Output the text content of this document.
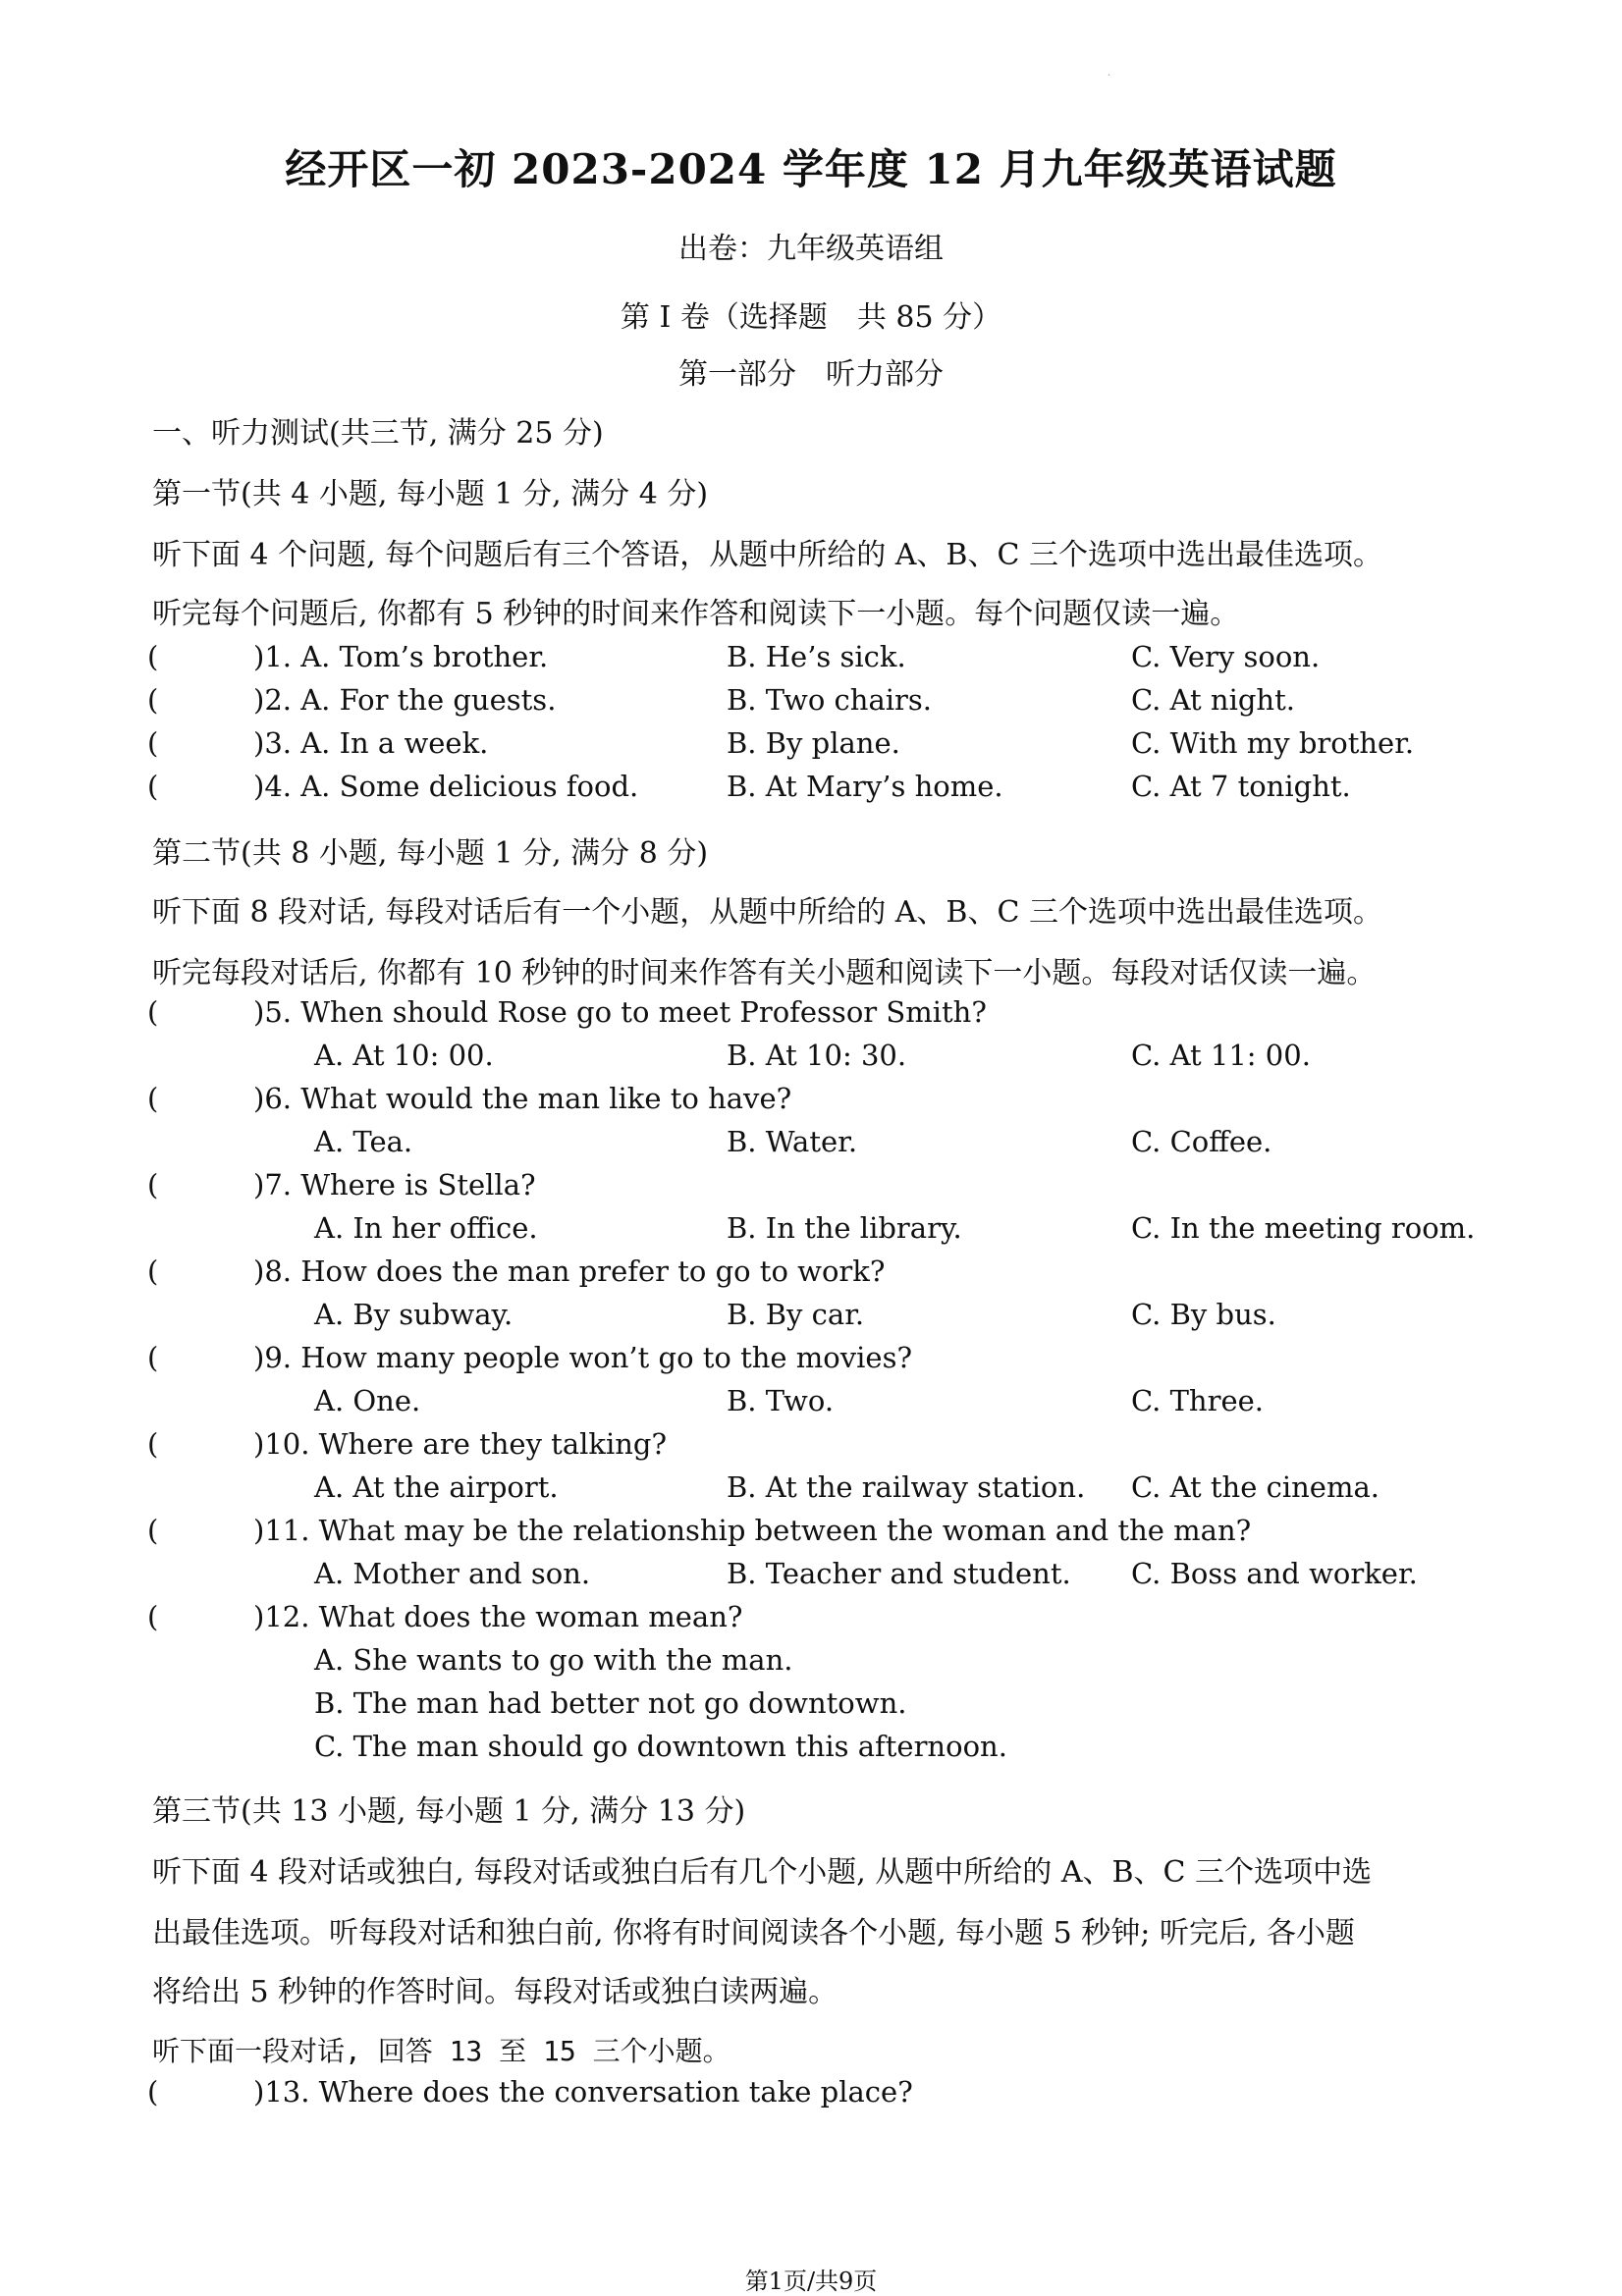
·
经开区一初 2023-2024 学年度 12 月九年级英语试题
出卷：九年级英语组
第 I 卷（选择题　共 85 分）
第一部分　听力部分
一、听力测试(共三节, 满分 25 分)
第一节(共 4 小题, 每小题 1 分, 满分 4 分)
听下面 4 个问题, 每个问题后有三个答语，从题中所给的 A、B、C 三个选项中选出最佳选项。
听完每个问题后, 你都有 5 秒钟的时间来作答和阅读下一小题。每个问题仅读一遍。
(	)1. A. Tom’s brother.	B. He’s sick.	C. Very soon.
(	)2. A. For the guests.	B. Two chairs.	C. At night.
(	)3. A. In a week.	B. By plane.	C. With my brother.
(	)4. A. Some delicious food.	B. At Mary’s home.	C. At 7 tonight.
第二节(共 8 小题, 每小题 1 分, 满分 8 分)
听下面 8 段对话, 每段对话后有一个小题，从题中所给的 A、B、C 三个选项中选出最佳选项。
听完每段对话后, 你都有 10 秒钟的时间来作答有关小题和阅读下一小题。每段对话仅读一遍。
(	)5. When should Rose go to meet Professor Smith?
A. At 10: 00.	B. At 10: 30.	C. At 11: 00.
(	)6. What would the man like to have?
A. Tea.	B. Water.	C. Coffee.
(	)7. Where is Stella?
A. In her office.	B. In the library.	C. In the meeting room.
(	)8. How does the man prefer to go to work?
A. By subway.	B. By car.	C. By bus.
(	)9. How many people won’t go to the movies?
A. One.	B. Two.	C. Three.
(	)10. Where are they talking?
A. At the airport.	B. At the railway station. C. At the cinema.
(	)11. What may be the relationship between the woman and the man?
A. Mother and son.	B. Teacher and student. C. Boss and worker.
(	)12. What does the woman mean?
A. She wants to go with the man.
B. The man had better not go downtown.
C. The man should go downtown this afternoon.
第三节(共 13 小题, 每小题 1 分, 满分 13 分)
听下面 4 段对话或独白, 每段对话或独白后有几个小题, 从题中所给的 A、B、C 三个选项中选
出最佳选项。听每段对话和独白前, 你将有时间阅读各个小题, 每小题 5 秒钟; 听完后, 各小题
将给出 5 秒钟的作答时间。每段对话或独白读两遍。
听下面一段对话, 回答 13 至 15 三个小题。
(	)13. Where does the conversation take place?
第1页/共9页
